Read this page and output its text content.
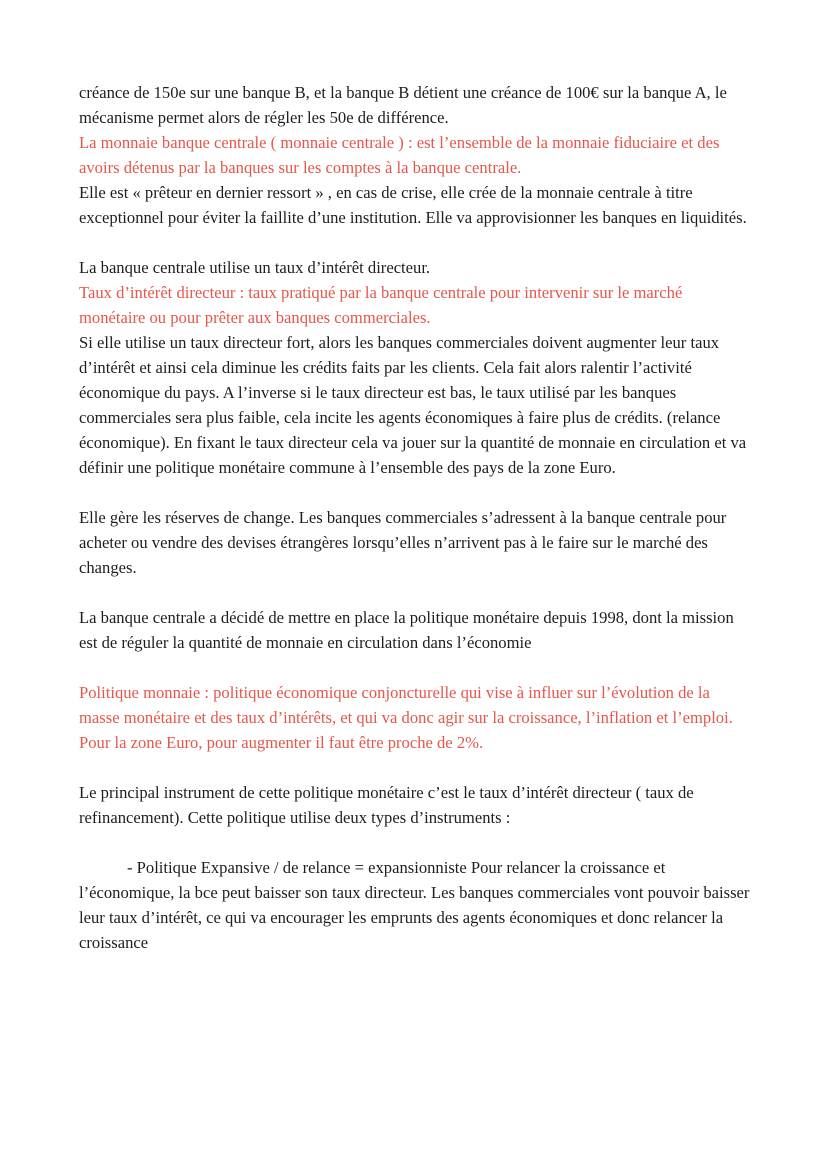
créance de 150e sur une banque B, et la banque B détient une créance de 100€ sur la banque A, le mécanisme permet alors de régler les 50e de différence.

La monnaie banque centrale ( monnaie centrale ) : est l’ensemble de la monnaie fiduciaire et des avoirs détenus par la banques sur les comptes à la banque centrale.

Elle est « prêteur en dernier ressort » , en cas de crise, elle crée de la monnaie centrale à titre exceptionnel pour éviter la faillite d’une institution. Elle va approvisionner les banques en liquidités.

La banque centrale utilise un taux d’intérêt directeur.

Taux d’intérêt directeur : taux pratiqué par la banque centrale pour intervenir sur le marché monétaire ou pour prêter aux banques commerciales.

Si elle utilise un taux directeur fort, alors les banques commerciales doivent augmenter leur taux d’intérêt et ainsi cela diminue les crédits faits par les clients. Cela fait alors ralentir l’activité économique du pays. A l’inverse si le taux directeur est bas, le taux utilisé par les banques commerciales sera plus faible, cela incite les agents économiques à faire plus de crédits. (relance économique). En fixant le taux directeur cela va jouer sur la quantité de monnaie en circulation et va définir une politique monétaire commune à l’ensemble des pays de la zone Euro.

Elle gère les réserves de change. Les banques commerciales s’adressent à la banque centrale pour acheter ou vendre des devises étrangères lorsqu’elles n’arrivent pas à le faire sur le marché des changes.

La banque centrale a décidé de mettre en place la politique monétaire depuis 1998, dont la mission est de réguler la quantité de monnaie en circulation dans l’économie

Politique monnaie : politique économique conjoncturelle qui vise à influer sur l’évolution de la masse monétaire et des taux d’intérêts, et qui va donc agir sur la croissance, l’inflation et l’emploi. Pour la zone Euro, pour augmenter il faut être proche de 2%.

Le principal instrument de cette politique monétaire c’est le taux d’intérêt directeur ( taux de refinancement). Cette politique utilise deux types d’instruments :

- Politique Expansive / de relance = expansionniste Pour relancer la croissance et l’économique, la bce peut baisser son taux directeur. Les banques commerciales vont pouvoir baisser leur taux d’intérêt, ce qui va encourager les emprunts des agents économiques et donc relancer la croissance
